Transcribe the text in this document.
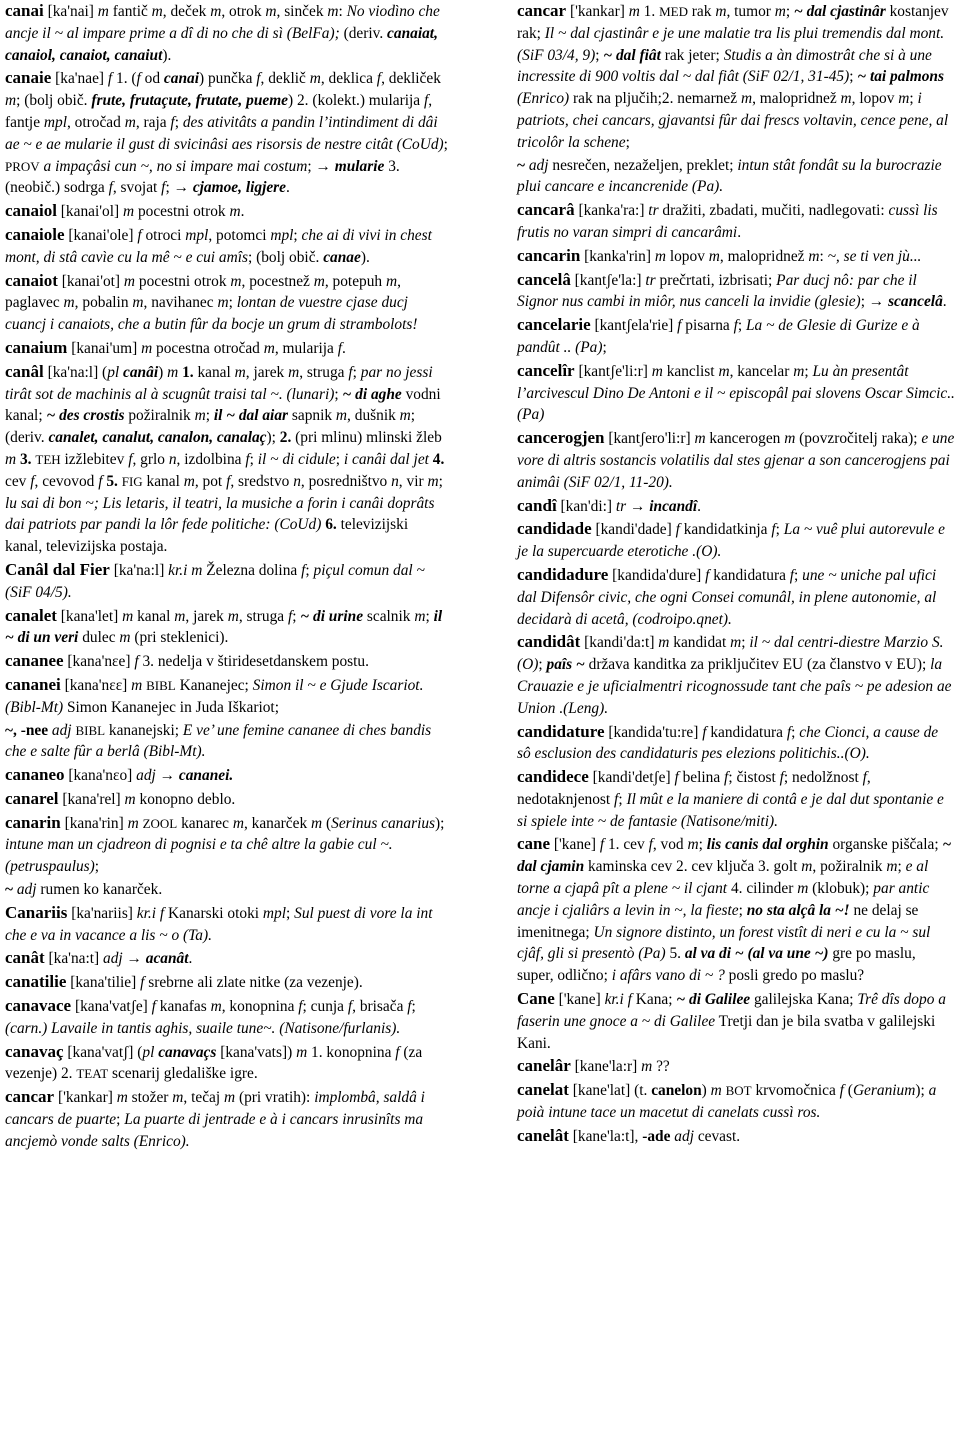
canai [ka'nai] m fantič m, deček m, otrok m, sinček m: No viodìno che ancje il ~ al impare prime a dî di no che di sì (BelFa); (deriv. canaiat, canaiol, canaiot, canaiut).
canaie [ka'nae] f 1. (f od canai) punčka f, deklič m, deklica f, dekliček m; (bolj obič. frute, frutaçute, frutate, pueme) 2. (kolekt.) mularija f, fantje mpl, otročad m, raja f; des ativitâts a pandin l’intindiment di dâi ae ~ e ae mularie il gust di svicinâsi aes risorsis de nestre citât (CoUd); PROV a impaçâsi cun ~, no si impare mai costum; → mularie 3. (neobič.) sodrga f, svojat f; → cjamoe, ligjere.
canaiol [kanai'ol] m pocestni otrok m.
canaiole [kanai'ole] f otroci mpl, potomci mpl; che ai di vivi in chest mont, di stâ cavìe cu la mê ~ e cui amîs; (bolj obič. canae).
canaiot [kanai'ot] m pocestni otrok m, pocestnež m, potepuh m, paglavec m, pobalin m, navihanec m; lontan de vuestre cjase ducj cuancj i canaiots, che a butin fûr da bocje un grum di strambolots!
canaium [kanai'um] m pocestna otročad m, mularija f.
canâl [ka'na:l] (pl canâi) m 1. kanal m, jarek m, struga f; par no jessi tirât sot de machinis al à scugnût traisi tal ~. (lunari); ~ di aghe vodni kanal; ~ des crostis požiralnik m; il ~ dal aiar sapnik m, dušnik m; (deriv. canalet, canalut, canalon, canalaç); 2. (pri mlinu) mlinski žleb m 3. TEH izžlebitev f, grlo n, izdolbina f; il ~ di cidule; i canâi dal jet 4. cev f, cevovod f 5. FIG kanal m, pot f, sredstvo n, posredništvo n, vir m; lu sai di bon ~; Lis letaris, il teatri, la musiche a forin i canâi doprâts dai patriots par pandi la lôr fede politiche: (CoUd) 6. televizijski kanal, televizijska postaja.
Canâl dal Fier [ka'na:l] kr.i m Železna dolina f; piçul comun dal ~ (SiF 04/5).
canalet [kana'let] m kanal m, jarek m, struga f; ~ di urine scalnik m; il ~ di un veri dulec m (pri steklenici).
cananee [kana'nεe] f 3. nedelja v štiridesetdanskem postu.
cananei [kana'nεε] m BIBL Kananejec; Simon il ~ e Gjude Iscariot.(Bibl-Mt) Simon Kananejec in Juda Iškariot;
~, -nee adj BIBL kananejski; E ve’ une femine cananee di ches bandis che e salte fûr a berlâ (Bibl-Mt).
cananeo [kana'nεo] adj → cananei.
canarel [kana'rel] m konopno deblo.
canarin [kana'rin] m ZOOL kanarec m, kanarček m (Serinus canarius); intune man un cjadreon di pognisi e ta chê altre la gabie cul ~. (petruspaulus);
~ adj rumen ko kanarček.
Canariis [ka'nariis] kr.i f Kanarski otoki mpl; Sul puest di vore la int che e va in vacance a lis ~ o (Ta).
canât [ka'na:t] adj → acanât.
canatilie [kana'tilie] f srebrne ali zlate nitke (za vezenje).
canavace [kana'vatʃe] f kanafas m, konopnina f; cunja f, brisača f; (carn.) Lavaile in tantis aghis, suaile tune~. (Natisone/furlanis).
canavaç [kana'vatʃ] (pl canavaçs [kana'vats]) m 1. konopnina f (za vezenje) 2. TEAT scenarij gledališke igre.
cancar ['kankar] m stožer m, tečaj m (pri vratih): implombâ, saldâ i cancars de puarte; La puarte di jentrade e à i cancars inrusinîts ma ancjemò vonde salts (Enrico).
cancar ['kankar] m 1. MED rak m, tumor m; ~ dal cjastinâr kostanjev rak; Il ~ dal cjastinâr e je une malatie tra lis plui tremendis dal mont. (SiF 03/4, 9); ~ dal fiât rak jeter; Studis a àn dimostrât che si à une incressite di 900 voltis dal ~ dal fiât (SiF 02/1, 31-45); ~ tai palmons (Enrico) rak na pljučih;2. nemarnež m, malopridnež m, lopov m; i patriots, chei cancars, gjavantsi fûr dai frescs voltavin, cence pene, al tricolôr la schene;
~ adj nesrečen, nezaželjen, preklet; intun stât fondât su la burocrazie plui cancare e incancrenide (Pa).
cancarâ [kanka'ra:] tr dražiti, zbadati, mučiti, nadlegovati: cussì lis frutis no varan simpri di cancarâmi.
cancarin [kanka'rin] m lopov m, malopridnež m: ~, se ti ven jù...
cancelâ [kantʃe'la:] tr prečrtati, izbrisati; Par ducj nô: par che il Signor nus cambi in miôr, nus canceli la invidie (glesie); → scancelâ.
cancelarie [kantʃela'rie] f pisarna f; La ~ de Glesie di Gurize e à pandût .. (Pa);
cancelîr [kantʃe'li:r] m kanclist m, kancelar m; Lu àn presentât l’arcivescul Dino De Antoni e il ~ episcopâl pai slovens Oscar Simcic.. (Pa)
cancerogjen [kantʃero'li:r] m kancerogen m (povzročitelj raka); e une vore di altris sostancis volatilis dal stes gjenar a son cancerogjens pai animâi (SiF 02/1, 11-20).
candî [kan'di:] tr → incandî.
candidade [kandi'dade] f kandidatkinja f; La ~ vuê plui autorevule e je la supercuarde eterotiche .(O).
candidadure [kandida'dure] f kandidatura f; une ~ uniche pal ufici dal Difensôr civic, che ogni Consei comunâl, in plene autonomie, al decidarà di acetâ, (codroipo.qnet).
candidât [kandi'da:t] m kandidat m; il ~ dal centri-diestre Marzio S. (O); paîs ~ država kanditka za priključitev EU (za članstvo v EU); la Crauazie e je uficialmentri ricognossude tant che paîs ~ pe adesion ae Union .(Leng).
candidature [kandida'tu:re] f kandidatura f; che Cionci, a cause de sô esclusion des candidaturis pes elezions politichis..(O).
candidece [kandi'detʃe] f belina f; čistost f; nedolžnost f, nedotaknjenost f; Il mût e la maniere di contâ e je dal dut spontanie e si spiele inte ~ de fantasie (Natisone/miti).
cane ['kane] f 1. cev f, vod m; lis canis dal orghin organske piščala; ~ dal cjamin kaminska cev 2. cev ključa 3. golt m, požiralnik m; e al torne a cjapâ pît a plene ~ il cjant 4. cilinder m (klobuk); par antic ancje i cjaliârs a levin in ~, la fieste; no sta alçâ la ~! ne delaj se imenitnega; Un signore distinto, un forest vistît di neri e cu la ~ sul cjâf, gli si presentò (Pa) 5. al va di ~ (al va une ~) gre po maslu, super, odlično; i afârs vano di ~ ? posli gredo po maslu?
Cane ['kane] kr.i f Kana; ~ di Galilee galilejska Kana; Trê dîs dopo a faserin une gnoce a ~ di Galilee Tretji dan je bila svatba v galilejski Kani.
canelâr [kane'la:r] m ??
canelat [kane'lat] (t. canelon) m BOT krvomočnica f (Geranium); a poià intune tace un macetut di canelats cussì ros.
canelât [kane'la:t], -ade adj cevast.
